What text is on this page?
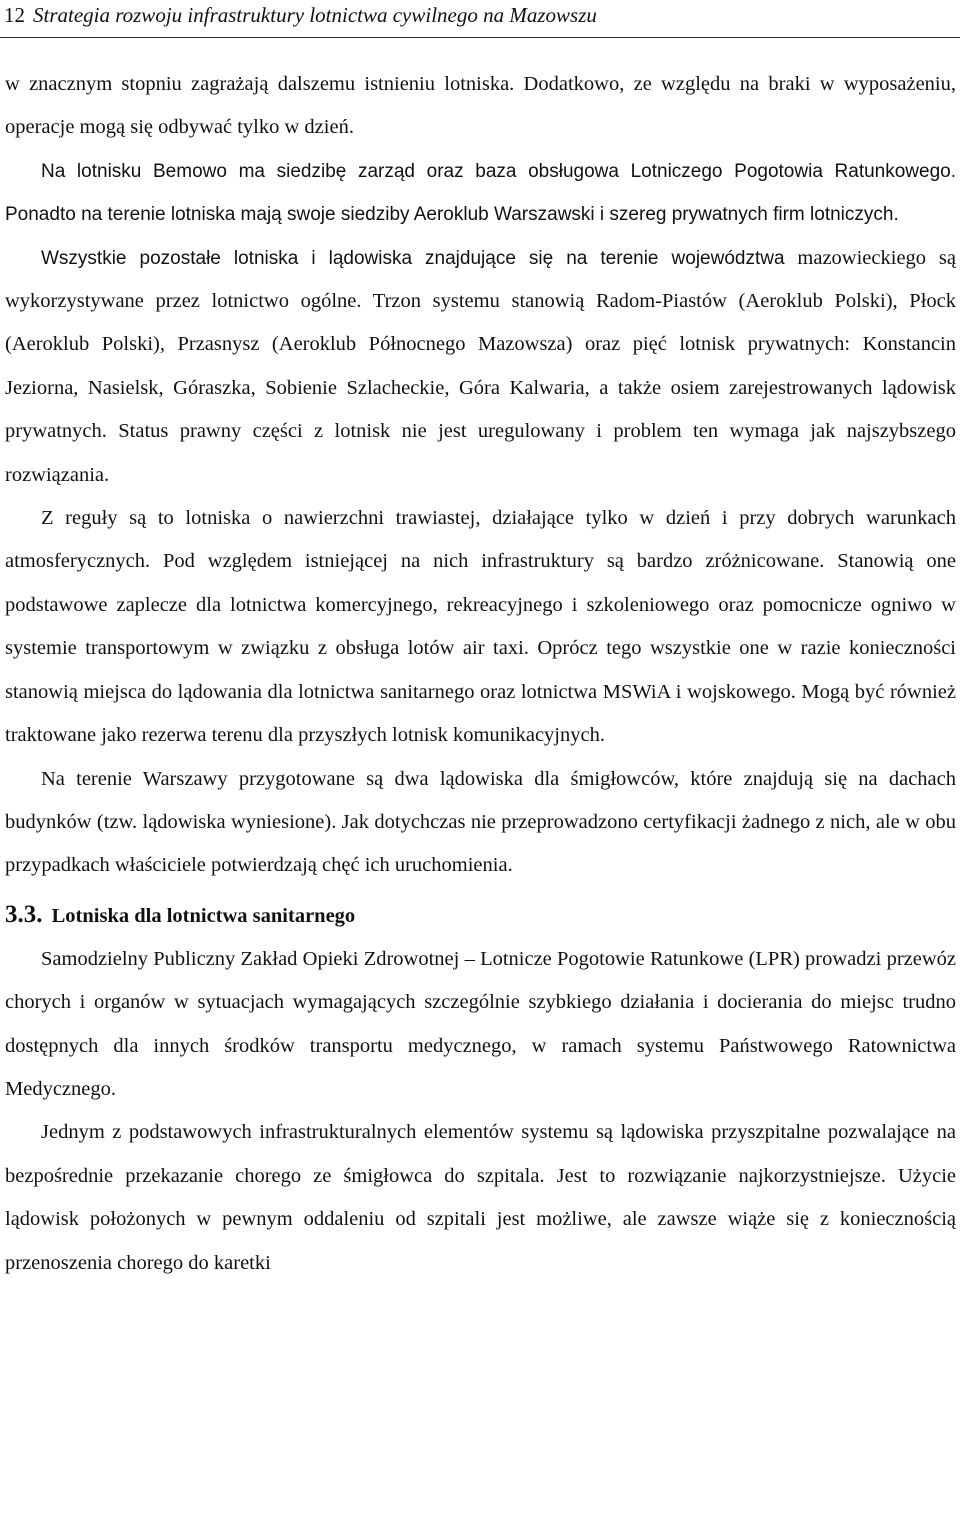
12 Strategia rozwoju infrastruktury lotnictwa cywilnego na Mazowszu

w znacznym stopniu zagrażają dalszemu istnieniu lotniska. Dodatkowo, ze względu na braki w wyposażeniu, operacje mogą się odbywać tylko w dzień.

Na lotnisku Bemowo ma siedzibę zarząd oraz baza obsługowa Lotniczego Pogotowia Ratunkowego. Ponadto na terenie lotniska mają swoje siedziby Aeroklub Warszawski i szereg prywatnych firm lotniczych.

Wszystkie pozostałe lotniska i lądowiska znajdujące się na terenie województwa mazowieckiego są wykorzystywane przez lotnictwo ogólne. Trzon systemu stanowią Radom-Piastów (Aeroklub Polski), Płock (Aeroklub Polski), Przasnysz (Aeroklub Północnego Mazowsza) oraz pięć lotnisk prywatnych: Konstancin Jeziorna, Nasielsk, Góraszka, Sobienie Szlacheckie, Góra Kalwaria, a także osiem zarejestrowanych lądowisk prywatnych. Status prawny części z lotnisk nie jest uregulowany i problem ten wymaga jak najszybszego rozwiązania.

Z reguły są to lotniska o nawierzchni trawiastej, działające tylko w dzień i przy dobrych warunkach atmosferycznych. Pod względem istniejącej na nich infrastruktury są bardzo zróżnicowane. Stanowią one podstawowe zaplecze dla lotnictwa komercyjnego, rekreacyjnego i szkoleniowego oraz pomocnicze ogniwo w systemie transportowym w związku z obsługa lotów air taxi. Oprócz tego wszystkie one w razie konieczności stanowią miejsca do lądowania dla lotnictwa sanitarnego oraz lotnictwa MSWiA i wojskowego. Mogą być również traktowane jako rezerwa terenu dla przyszłych lotnisk komunikacyjnych.

Na terenie Warszawy przygotowane są dwa lądowiska dla śmigłowców, które znajdują się na dachach budynków (tzw. lądowiska wyniesione). Jak dotychczas nie przeprowadzono certyfikacji żadnego z nich, ale w obu przypadkach właściciele potwierdzają chęć ich uruchomienia.

3.3. Lotniska dla lotnictwa sanitarnego

Samodzielny Publiczny Zakład Opieki Zdrowotnej – Lotnicze Pogotowie Ratunkowe (LPR) prowadzi przewóz chorych i organów w sytuacjach wymagających szczególnie szybkiego działania i docierania do miejsc trudno dostępnych dla innych środków transportu medycznego, w ramach systemu Państwowego Ratownictwa Medycznego.

Jednym z podstawowych infrastrukturalnych elementów systemu są lądowiska przyszpitalne pozwalające na bezpośrednie przekazanie chorego ze śmigłowca do szpitala. Jest to rozwiązanie najkorzystniejsze. Użycie lądowisk położonych w pewnym oddaleniu od szpitali jest możliwe, ale zawsze wiąże się z koniecznością przenoszenia chorego do karetki
